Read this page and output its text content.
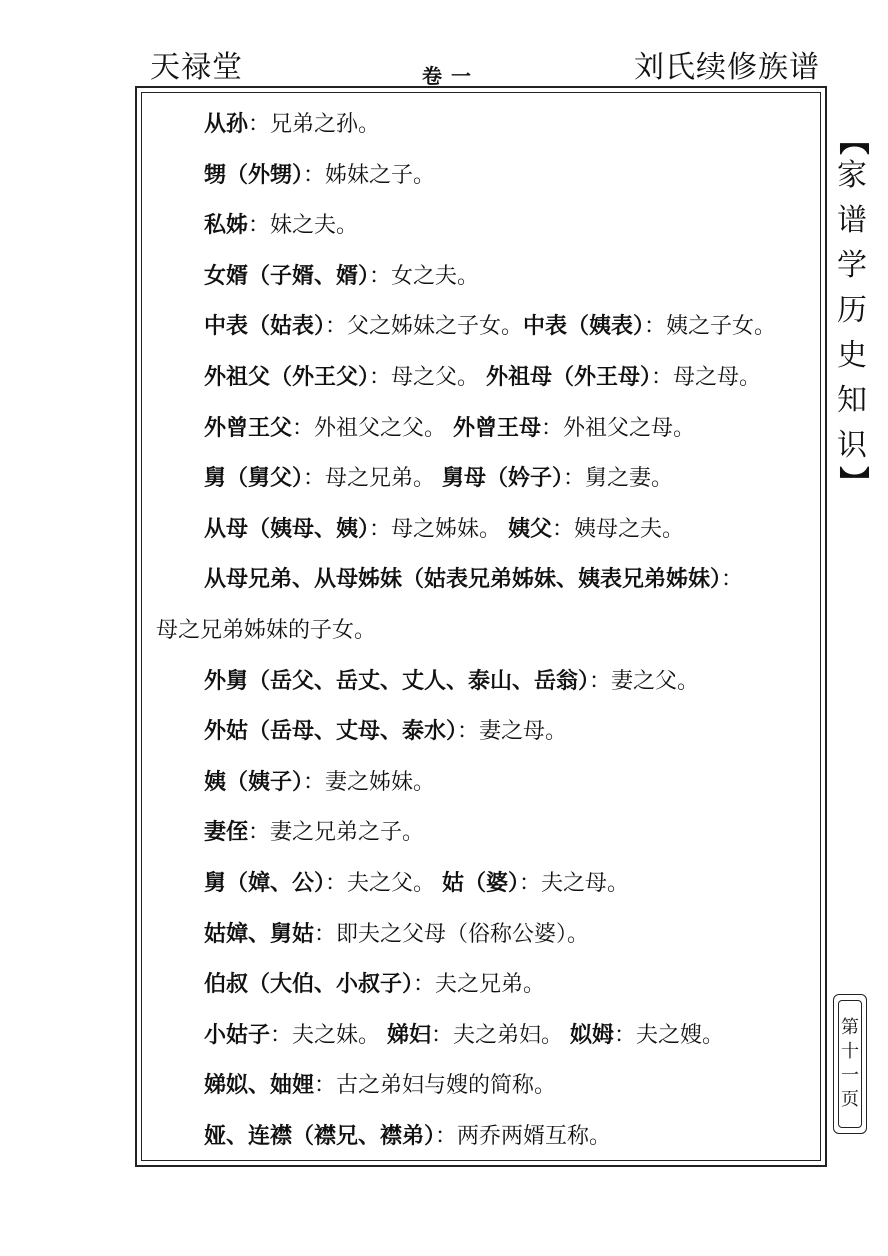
天禄堂	卷 一	刘氏续修族谱
从孙：兄弟之孙。
甥（外甥）：姊妹之子。
私姊：妹之夫。
女婿（子婿、婿）：女之夫。
中表（姑表）：父之姊妹之子女。中表（姨表）：姨之子女。
外祖父（外王父）：母之父。 外祖母（外王母）：母之母。
外曾王父：外祖父之父。 外曾王母：外祖父之母。
舅（舅父）：母之兄弟。 舅母（妗子）：舅之妻。
从母（姨母、姨）：母之姊妹。 姨父：姨母之夫。
从母兄弟、从母姊妹（姑表兄弟姊妹、姨表兄弟姊妹）：
母之兄弟姊妹的子女。
外舅（岳父、岳丈、丈人、泰山、岳翁）：妻之父。
外姑（岳母、丈母、泰水）：妻之母。
姨（姨子）：妻之姊妹。
妻侄：妻之兄弟之子。
舅（嫜、公）：夫之父。 姑（婆）：夫之母。
姑嫜、舅姑：即夫之父母（俗称公婆）。
伯叔（大伯、小叔子）：夫之兄弟。
小姑子：夫之妹。 娣妇：夫之弟妇。 姒姆：夫之嫂。
娣姒、妯娌：古之弟妇与嫂的简称。
娅、连襟（襟兄、襟弟）：两乔两婿互称。
【
家
谱
学
历
史
知
识
】
第
十
一
页
